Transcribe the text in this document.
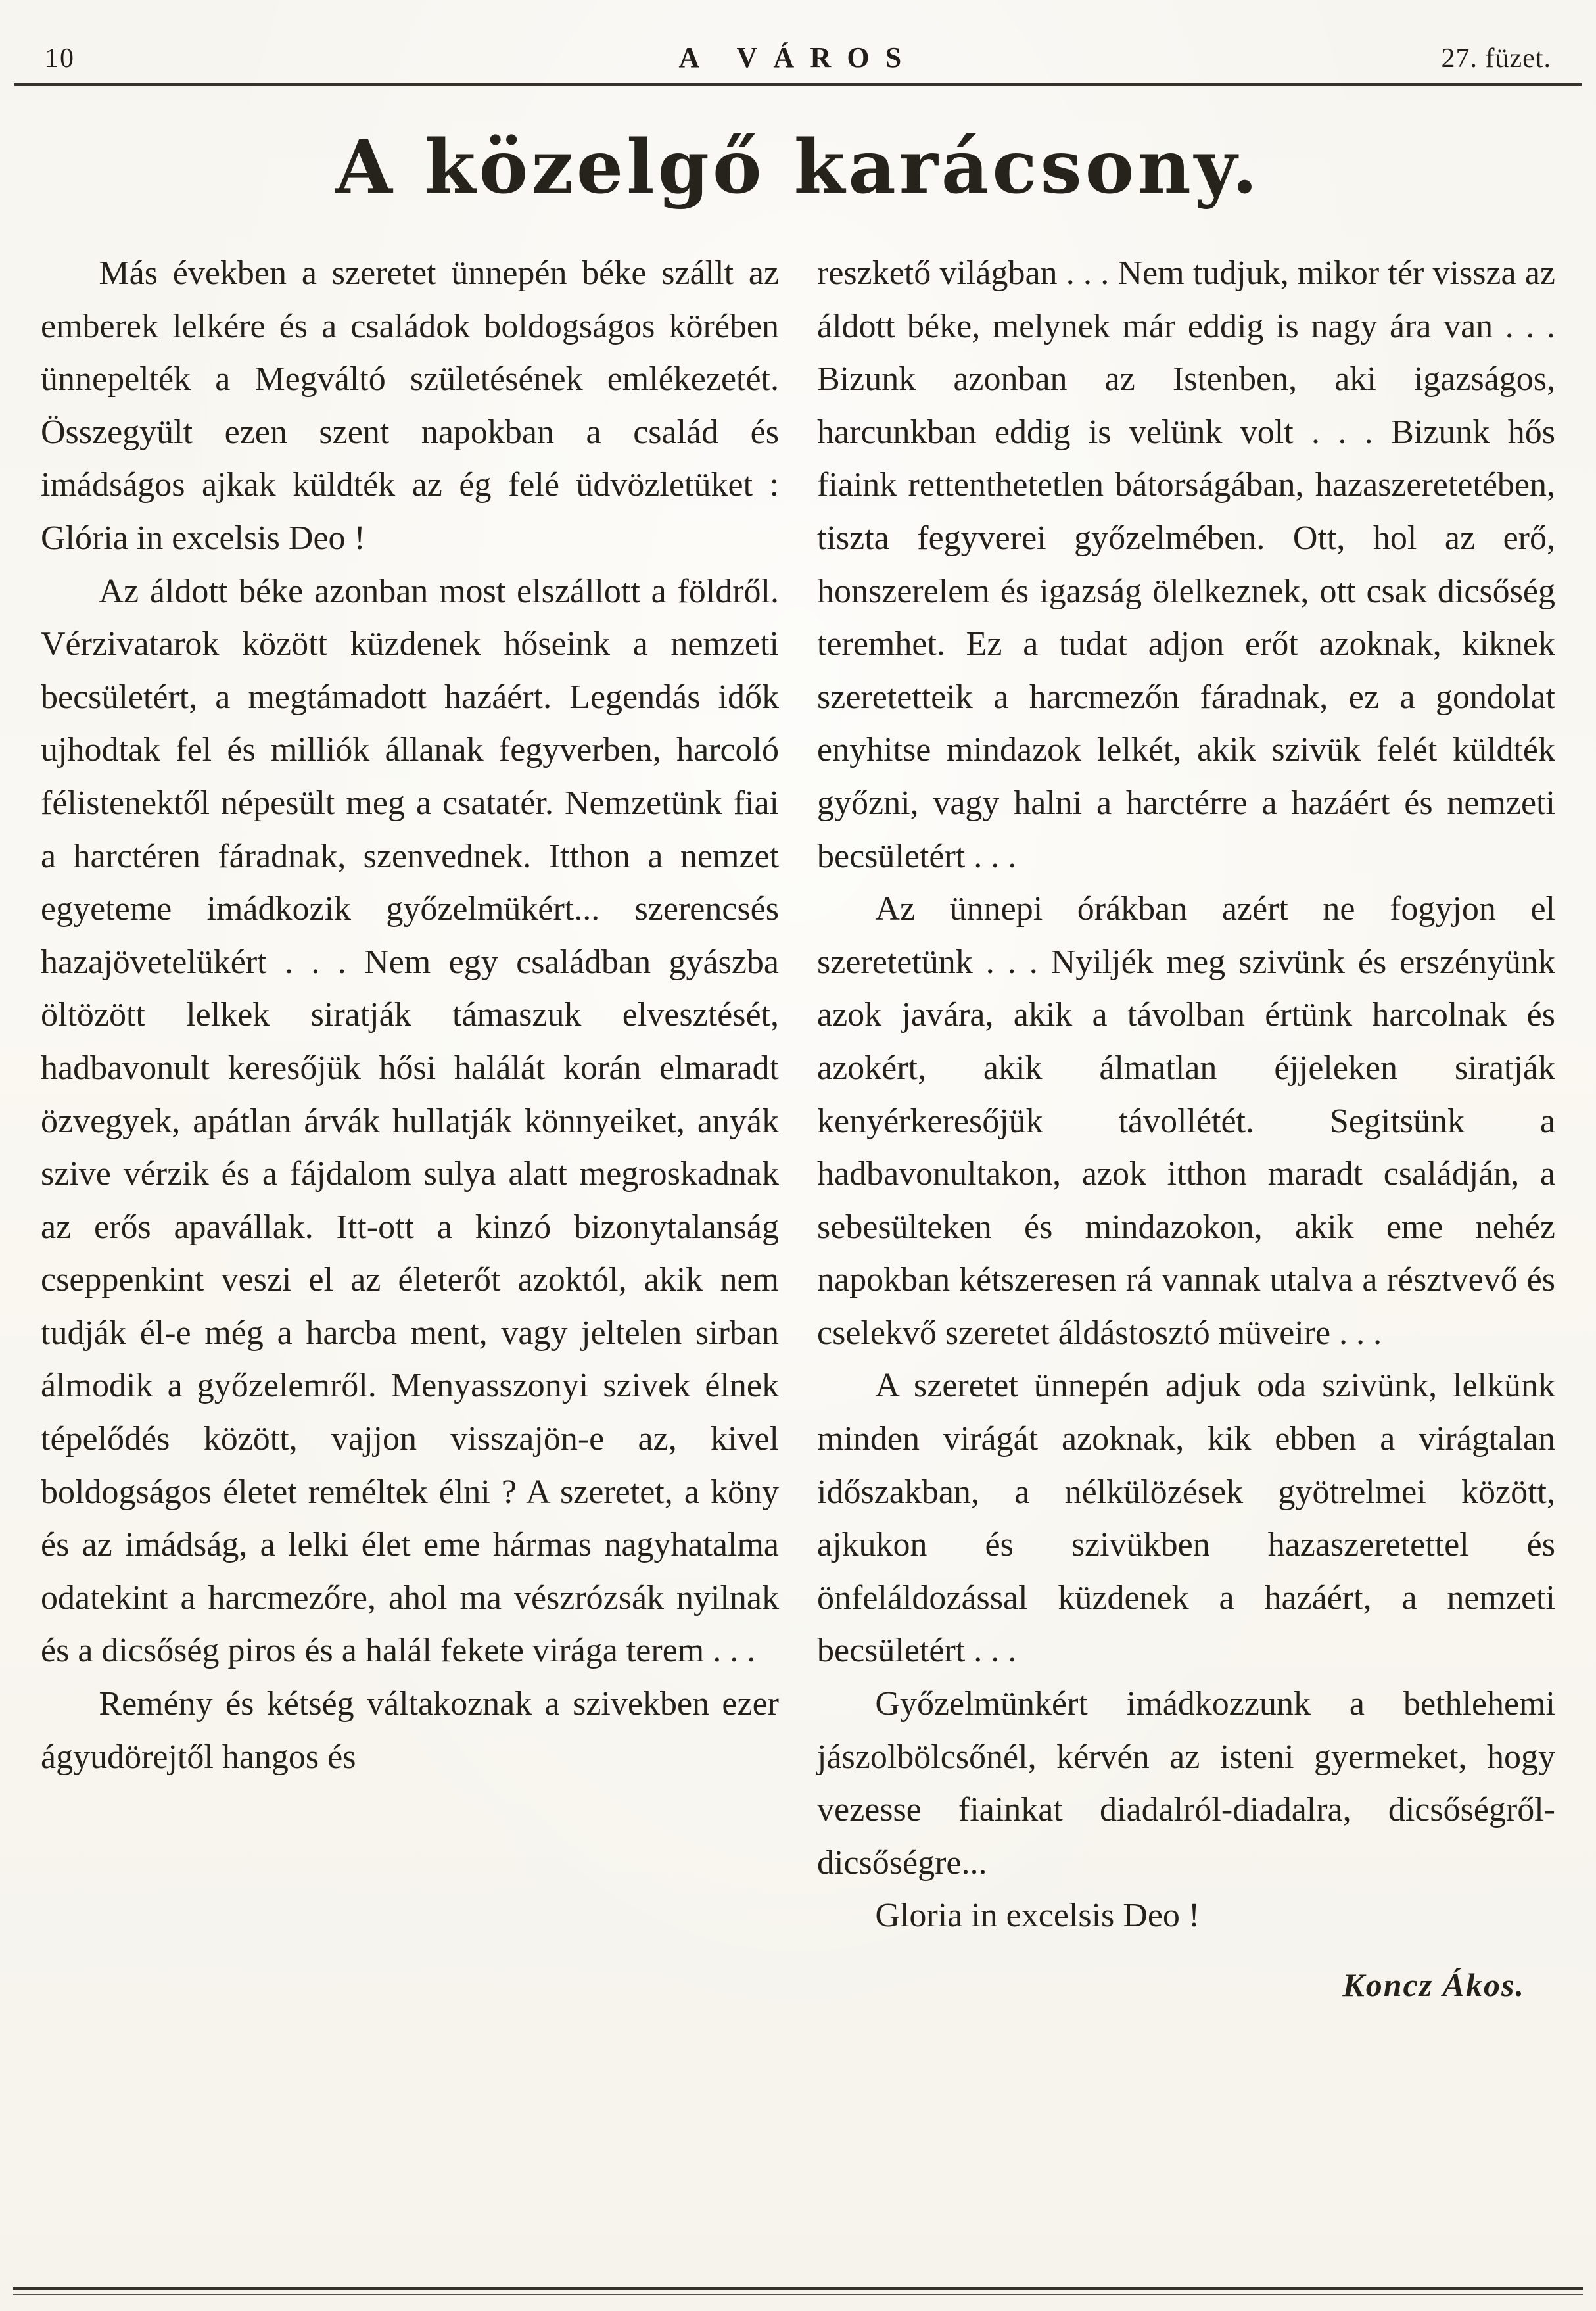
10	A VÁROS	27. füzet.
A közelgő karácsony.

Más években a szeretet ünnepén béke szállt az emberek lelkére és a családok boldogságos körében ünnepelték a Megváltó születésének emlékezetét. Összegyült ezen szent napokban a család és imádságos ajkak küldték az ég felé üdvözletüket : Glória in excelsis Deo !

Az áldott béke azonban most elszállott a földről. Vérzivatarok között küzdenek hőseink a nemzeti becsületért, a megtámadott hazáért. Legendás idők ujhodtak fel és milliók állanak fegyverben, harcoló félistenektől népesült meg a csatatér. Nemzetünk fiai a harctéren fáradnak, szenvednek. Itthon a nemzet egyeteme imádkozik győzelmükért... szerencsés hazajövetelükért . . . Nem egy családban gyászba öltözött lelkek siratják támaszuk elvesztését, hadbavonult keresőjük hősi halálát korán elmaradt özvegyek, apátlan árvák hullatják könnyeiket, anyák szive vérzik és a fájdalom sulya alatt megroskadnak az erős apavállak. Itt-ott a kinzó bizonytalanság cseppenkint veszi el az életerőt azoktól, akik nem tudják él-e még a harcba ment, vagy jeltelen sirban álmodik a győzelemről. Menyasszonyi szivek élnek tépelődés között, vajjon visszajön-e az, kivel boldogságos életet reméltek élni ? A szeretet, a köny és az imádság, a lelki élet eme hármas nagyhatalma odatekint a harcmezőre, ahol ma vészrózsák nyilnak és a dicsőség piros és a halál fekete virága terem . . .

Remény és kétség váltakoznak a szivekben ezer ágyudörejtől hangos és

reszkető világban . . . Nem tudjuk, mikor tér vissza az áldott béke, melynek már eddig is nagy ára van . . . Bizunk azonban az Istenben, aki igazságos, harcunkban eddig is velünk volt . . . Bizunk hős fiaink rettenthetetlen bátorságában, hazaszeretetében, tiszta fegyverei győzelmében. Ott, hol az erő, honszerelem és igazság ölelkeznek, ott csak dicsőség teremhet. Ez a tudat adjon erőt azoknak, kiknek szeretetteik a harcmezőn fáradnak, ez a gondolat enyhitse mindazok lelkét, akik szivük felét küldték győzni, vagy halni a harctérre a hazáért és nemzeti becsületért . . .

Az ünnepi órákban azért ne fogyjon el szeretetünk . . . Nyiljék meg szivünk és erszényünk azok javára, akik a távolban értünk harcolnak és azokért, akik álmatlan éjjeleken siratják kenyérkeresőjük távollétét. Segitsünk a hadbavonultakon, azok itthon maradt családján, a sebesülteken és mindazokon, akik eme nehéz napokban kétszeresen rá vannak utalva a résztvevő és cselekvő szeretet áldástosztó müveire . . .

A szeretet ünnepén adjuk oda szivünk, lelkünk minden virágát azoknak, kik ebben a virágtalan időszakban, a nélkülözések gyötrelmei között, ajkukon és szivükben hazaszeretettel és önfeláldozással küzdenek a hazáért, a nemzeti becsületért . . .

Győzelmünkért imádkozzunk a bethlehemi jászolbölcsőnél, kérvén az isteni gyermeket, hogy vezesse fiainkat diadalról-diadalra, dicsőségről-dicsőségre...

Gloria in excelsis Deo !

Koncz Ákos.
